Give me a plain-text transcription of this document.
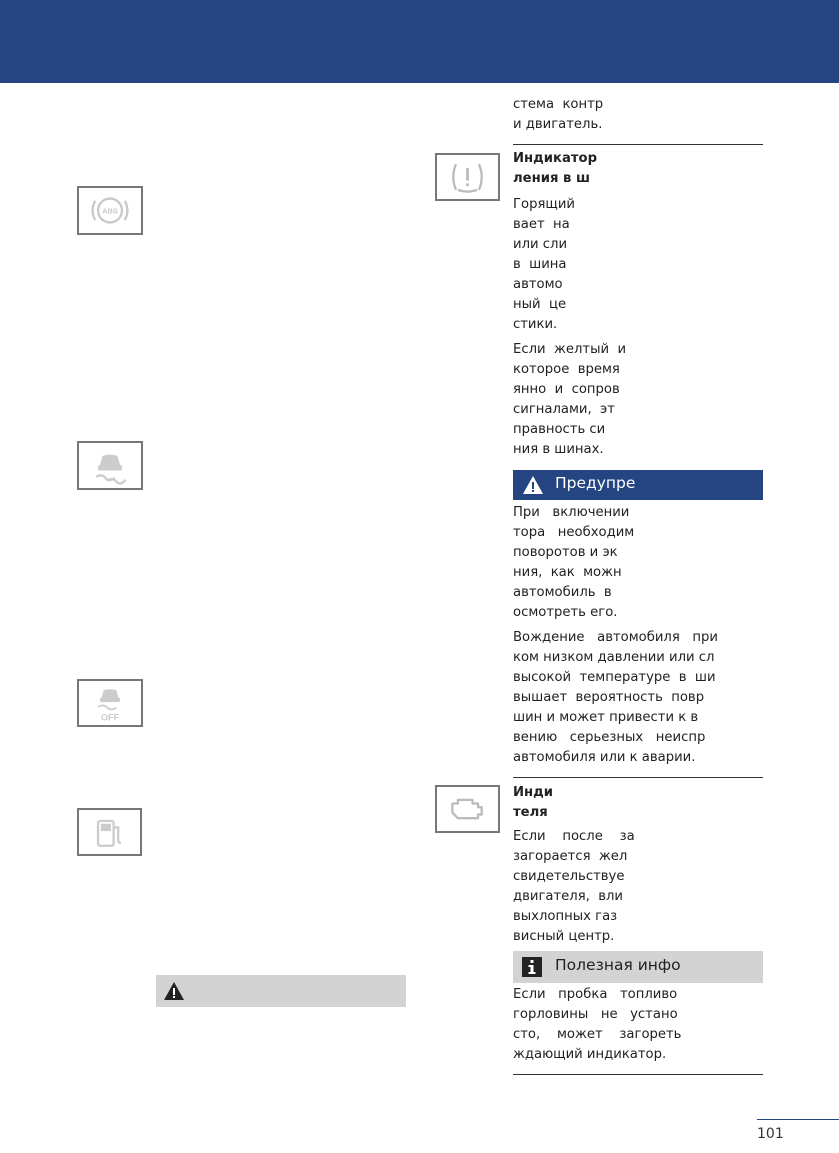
ABS
OFF
стема  контр
и двигатель.
Индикатор
ления в ш
Горящий
вает  на
или сли
в  шина
автомо
ный  це
стики.
Если  желтый  и
которое  время
янно  и  сопров
сигналами,  эт
правность си
ния в шинах.
Предупре
При   включении
тора   необходим
поворотов и эк
ния,  как  можн
автомобиль  в
осмотреть его.
Вождение   автомобиля   при
ком низком давлении или сл
высокой  температуре  в  ши
вышает  вероятность  повр
шин и может привести к в
вению   серьезных   неиспр
автомобиля или к аварии.
Инди
теля
Если    после    за
загорается  жел
свидетельствуе
двигателя,  вли
выхлопных газ
висный центр.
Полезная инфо
Если   пробка   топливо
горловины   не   устано
сто,    может    загореть
ждающий индикатор.
101
